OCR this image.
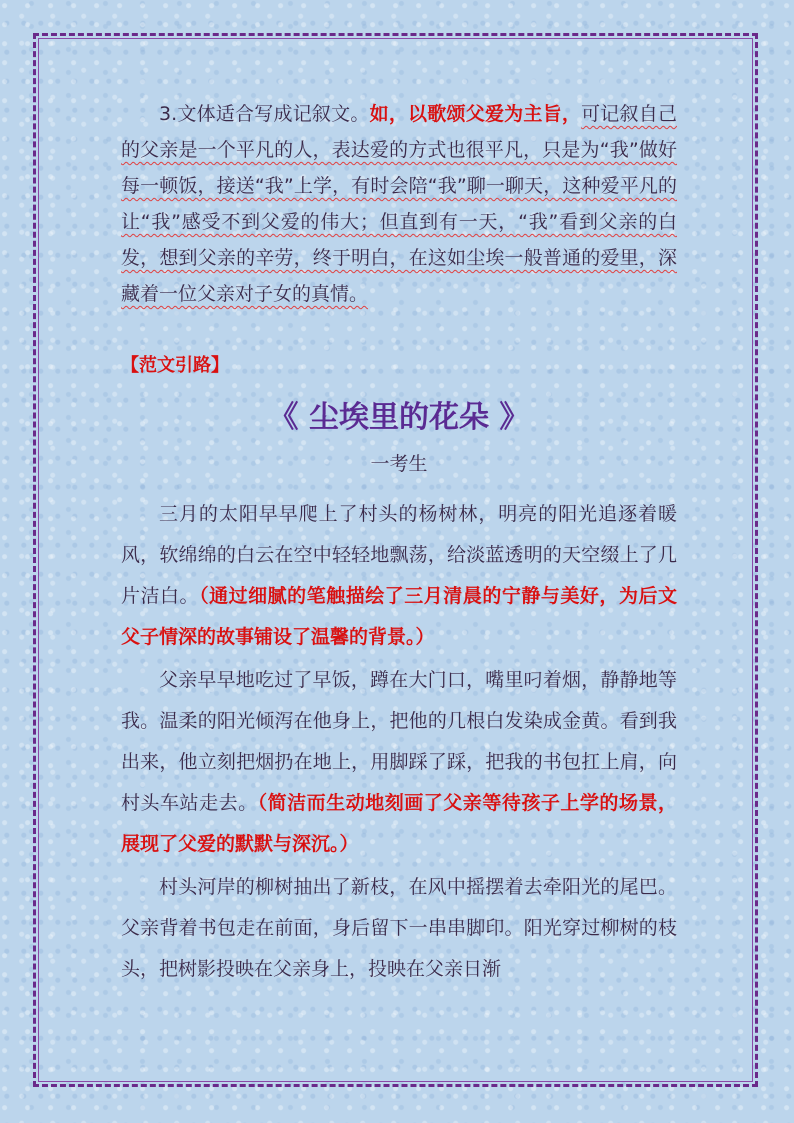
3.文体适合写成记叙文。如，以歌颂父爱为主旨，可记叙自己的父亲是一个平凡的人，表达爱的方式也很平凡，只是为“我”做好每一顿饭，接送“我”上学，有时会陪“我”聊一聊天，这种爱平凡的让“我”感受不到父爱的伟大；但直到有一天，“我”看到父亲的白发，想到父亲的辛劳，终于明白，在这如尘埃一般普通的爱里，深藏着一位父亲对子女的真情。

【范文引路】
《 尘埃里的花朵 》
一考生

三月的太阳早早爬上了村头的杨树林，明亮的阳光追逐着暖风，软绵绵的白云在空中轻轻地飘荡，给淡蓝透明的天空缀上了几片洁白。（通过细腻的笔触描绘了三月清晨的宁静与美好，为后文父子情深的故事铺设了温馨的背景。）

父亲早早地吃过了早饭，蹲在大门口，嘴里叼着烟，静静地等我。温柔的阳光倾泻在他身上，把他的几根白发染成金黄。看到我出来，他立刻把烟扔在地上，用脚踩了踩，把我的书包扛上肩，向村头车站走去。（简洁而生动地刻画了父亲等待孩子上学的场景，展现了父爱的默默与深沉。）

村头河岸的柳树抽出了新枝，在风中摇摆着去牵阳光的尾巴。父亲背着书包走在前面，身后留下一串串脚印。阳光穿过柳树的枝头，把树影投映在父亲身上，投映在父亲日渐
